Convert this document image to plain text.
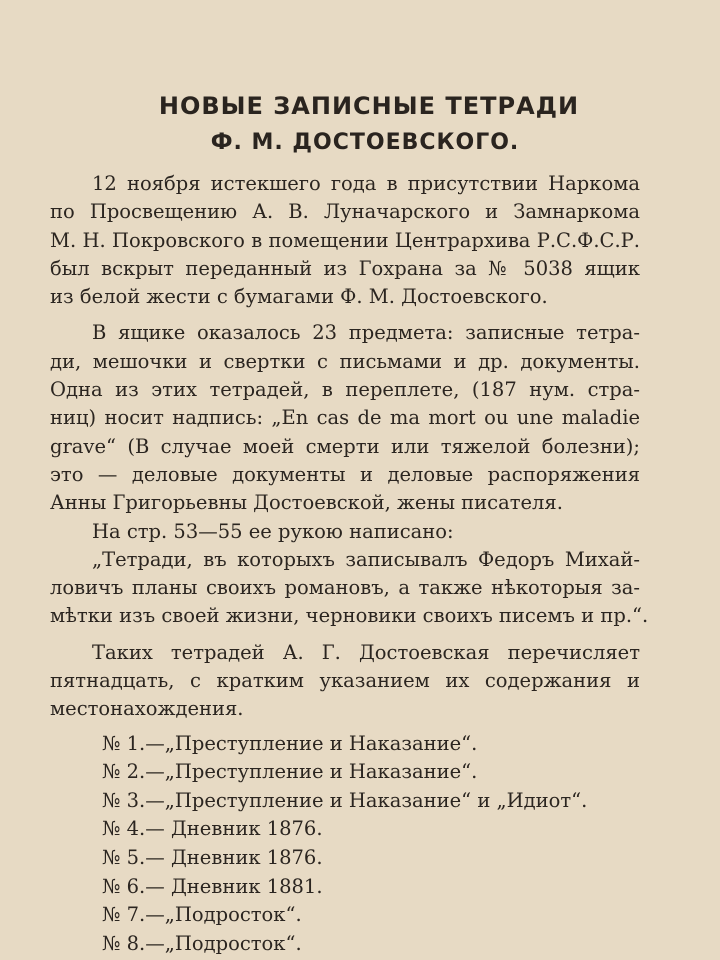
НОВЫЕ ЗАПИСНЫЕ ТЕТРАДИ
Ф. М. ДОСТОЕВСКОГО.

12 ноября истекшего года в присутствии Наркома
по Просвещению А. В. Луначарского и Замнаркома
М. Н. Покровского в помещении Центрархива Р.С.Ф.С.Р.
был вскрыт переданный из Гохрана за № 5038 ящик
из белой жести с бумагами Ф. М. Достоевского.

В ящике оказалось 23 предмета: записные тетра-
ди, мешочки и свертки с письмами и др. документы.
Одна из этих тетрадей, в переплете, (187 нум. стра-
ниц) носит надпись: „En cas de ma mort ou une maladie
grave“ (В случае моей смерти или тяжелой болезни);
это — деловые документы и деловые распоряжения
Анны Григорьевны Достоевской, жены писателя.

На стр. 53—55 ее рукою написано:

„Тетради, въ которыхъ записывалъ Федоръ Михай-
ловичъ планы своихъ романовъ, а также нѣкоторыя за-
мѣтки изъ своей жизни, черновики своихъ писемъ и пр.“.

Таких тетрадей А. Г. Достоевская перечисляет
пятнадцать, с кратким указанием их содержания и
местонахождения.

№ 1.—„Преступление и Наказание“.
№ 2.—„Преступление и Наказание“.
№ 3.—„Преступление и Наказание“ и „Идиот“.
№ 4.— Дневник 1876.
№ 5.— Дневник 1876.
№ 6.— Дневник 1881.
№ 7.—„Подросток“.
№ 8.—„Подросток“.
